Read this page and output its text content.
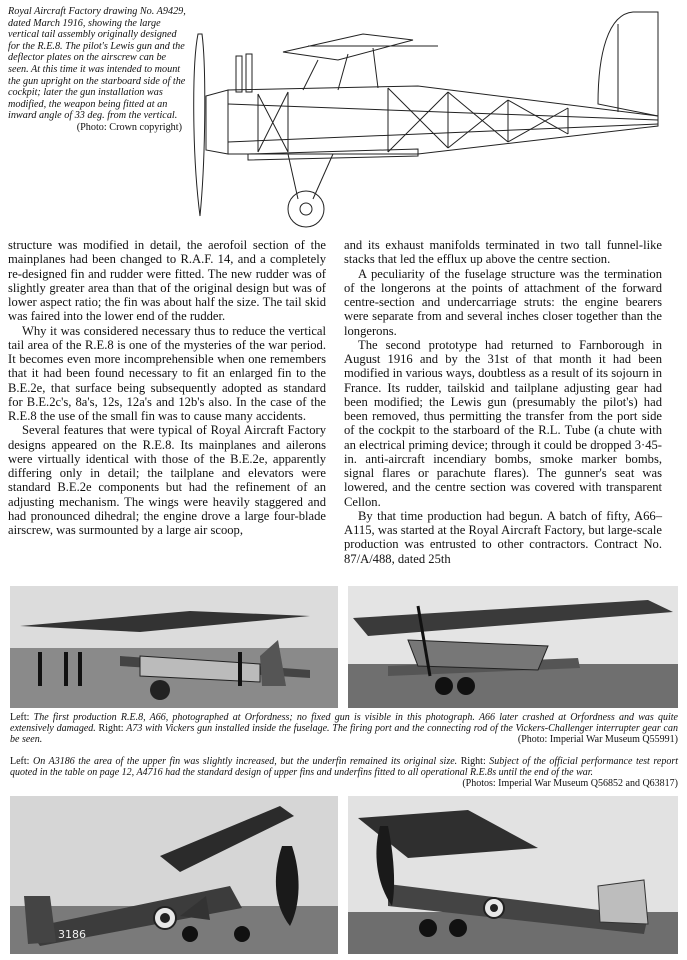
Royal Aircraft Factory drawing No. A9429, dated March 1916, showing the large vertical tail assembly originally designed for the R.E.8. The pilot's Lewis gun and the deflector plates on the airscrew can be seen. At this time it was intended to mount the gun upright on the starboard side of the cockpit; later the gun installation was modified, the weapon being fitted at an inward angle of 33 deg. from the vertical.
(Photo: Crown copyright)

structure was modified in detail, the aerofoil section of the mainplanes had been changed to R.A.F. 14, and a completely re-designed fin and rudder were fitted. The new rudder was of slightly greater area than that of the original design but was of lower aspect ratio; the fin was about half the size. The tail skid was faired into the lower end of the rudder.

Why it was considered necessary thus to reduce the vertical tail area of the R.E.8 is one of the mysteries of the war period. It becomes even more incomprehensible when one remembers that it had been found necessary to fit an enlarged fin to the B.E.2e, that surface being subsequently adopted as standard for B.E.2c's, 8a's, 12s, 12a's and 12b's also. In the case of the R.E.8 the use of the small fin was to cause many accidents.

Several features that were typical of Royal Aircraft Factory designs appeared on the R.E.8. Its mainplanes and ailerons were virtually identical with those of the B.E.2e, apparently differing only in detail; the tailplane and elevators were standard B.E.2e components but had the refinement of an adjusting mechanism. The wings were heavily staggered and had pronounced dihedral; the engine drove a large four-blade airscrew, was surmounted by a large air scoop,

and its exhaust manifolds terminated in two tall funnel-like stacks that led the efflux up above the centre section.

A peculiarity of the fuselage structure was the termination of the longerons at the points of attachment of the forward centre-section and undercarriage struts: the engine bearers were separate from and several inches closer together than the longerons.

The second prototype had returned to Farnborough in August 1916 and by the 31st of that month it had been modified in various ways, doubtless as a result of its sojourn in France. Its rudder, tailskid and tailplane adjusting gear had been modified; the Lewis gun (presumably the pilot's) had been removed, thus permitting the transfer from the port side of the cockpit to the starboard of the R.L. Tube (a chute with an electrical priming device; through it could be dropped 3·45-in. anti-aircraft incendiary bombs, smoke marker bombs, signal flares or parachute flares). The gunner's seat was lowered, and the centre section was covered with transparent Cellon.

By that time production had begun. A batch of fifty, A66–A115, was started at the Royal Aircraft Factory, but large-scale production was entrusted to other contractors. Contract No. 87/A/488, dated 25th

Left: The first production R.E.8, A66, photographed at Orfordness; no fixed gun is visible in this photograph. A66 later crashed at Orfordness and was quite extensively damaged. Right: A73 with Vickers gun installed inside the fuselage. The firing port and the connecting rod of the Vickers-Challenger interrupter gear can be seen.	(Photo: Imperial War Museum Q55991)
Left: On A3186 the area of the upper fin was slightly increased, but the underfin remained its original size. Right: Subject of the official performance test report quoted in the table on page 12, A4716 had the standard design of upper fins and underfins fitted to all operational R.E.8s until the end of the war.
(Photos: Imperial War Museum Q56852 and Q63817)
3186
